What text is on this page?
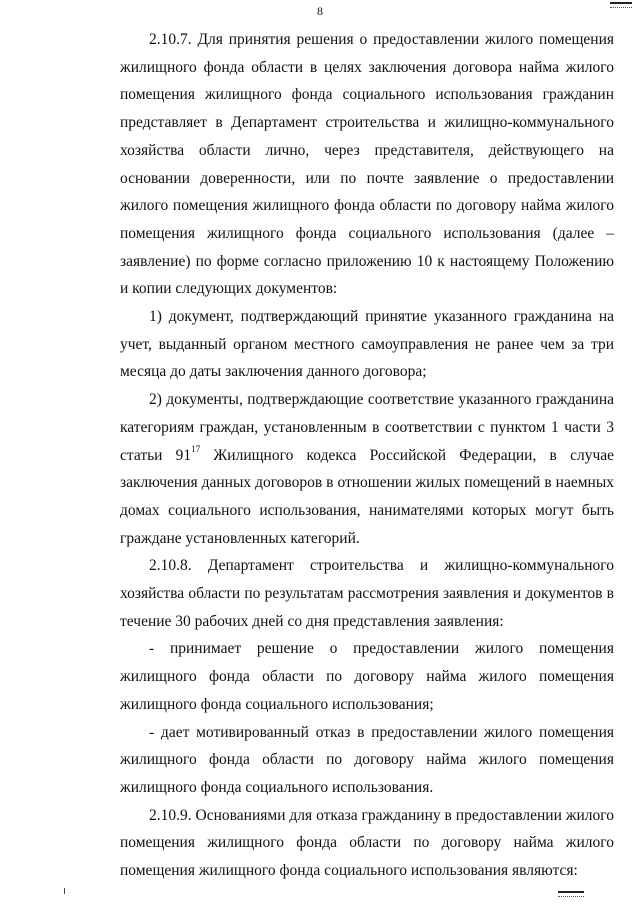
8

2.10.7. Для принятия решения о предоставлении жилого помещения жилищного фонда области в целях заключения договора найма жилого помещения жилищного фонда социального использования гражданин представляет в Департамент строительства и жилищно-коммунального хозяйства области лично, через представителя, действующего на основании доверенности, или по почте заявление о предоставлении жилого помещения жилищного фонда области по договору найма жилого помещения жилищного фонда социального использования (далее – заявление) по форме согласно приложению 10 к настоящему Положению и копии следующих документов:

1) документ, подтверждающий принятие указанного гражданина на учет, выданный органом местного самоуправления не ранее чем за три месяца до даты заключения данного договора;

2) документы, подтверждающие соответствие указанного гражданина категориям граждан, установленным в соответствии с пунктом 1 части 3 статьи $91^{17}$ Жилищного кодекса Российской Федерации, в случае заключения данных договоров в отношении жилых помещений в наемных домах социального использования, нанимателями которых могут быть граждане установленных категорий.

2.10.8. Департамент строительства и жилищно-коммунального хозяйства области по результатам рассмотрения заявления и документов в течение 30 рабочих дней со дня представления заявления:

- принимает решение о предоставлении жилого помещения жилищного фонда области по договору найма жилого помещения жилищного фонда социального использования;

- дает мотивированный отказ в предоставлении жилого помещения жилищного фонда области по договору найма жилого помещения жилищного фонда социального использования.

2.10.9. Основаниями для отказа гражданину в предоставлении жилого помещения жилищного фонда области по договору найма жилого помещения жилищного фонда социального использования являются:
